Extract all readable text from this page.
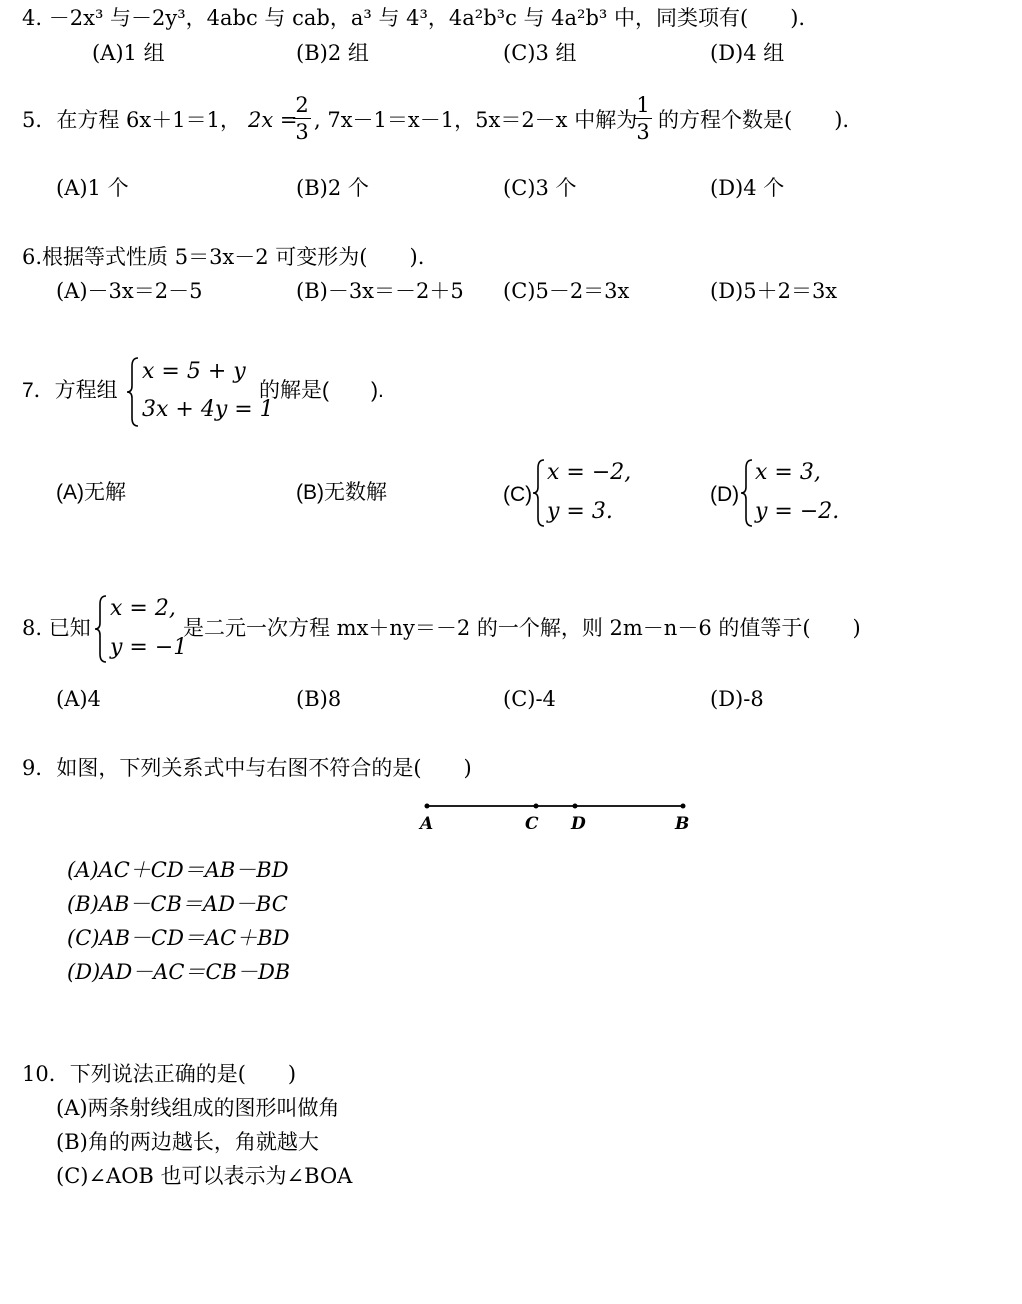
4. －2x³ 与－2y³，4abc 与 cab，a³ 与 4³，4a²b³c 与 4a²b³ 中，同类项有(　　).
(A)1 组	(B)2 组	(C)3 组	(D)4 组
5．在方程 6x＋1＝1， 2x =
2
3 , 7x－1＝x－1，5x＝2－x 中解为
1
3 的方程个数是(　　).
(A)1 个	(B)2 个	(C)3 个	(D)4 个
6.根据等式性质 5＝3x－2 可变形为(　　).
(A)－3x＝2－5	(B)－3x＝－2＋5 (C)5－2＝3x	(D)5＋2＝3x
7．方程组
x = 5 + y
3x + 4y = 1
的解是(　　).
(A)无解	(B)无数解	(C)
x = −2,
y = 3.
(D)
x = 3,
y = −2.
8. 已知
x = 2,
y = −1
是二元一次方程 mx＋ny＝－2 的一个解，则 2m－n－6 的值等于(　　)
(A)4	(B)8	(C)-4	(D)-8
9．如图，下列关系式中与右图不符合的是(　　)
A	C D	B
(A)AC＋CD＝AB－BD
(B)AB－CB＝AD－BC
(C)AB－CD＝AC＋BD
(D)AD－AC＝CB－DB
10．下列说法正确的是(　　)
(A)两条射线组成的图形叫做角
(B)角的两边越长，角就越大
(C)∠AOB 也可以表示为∠BOA
